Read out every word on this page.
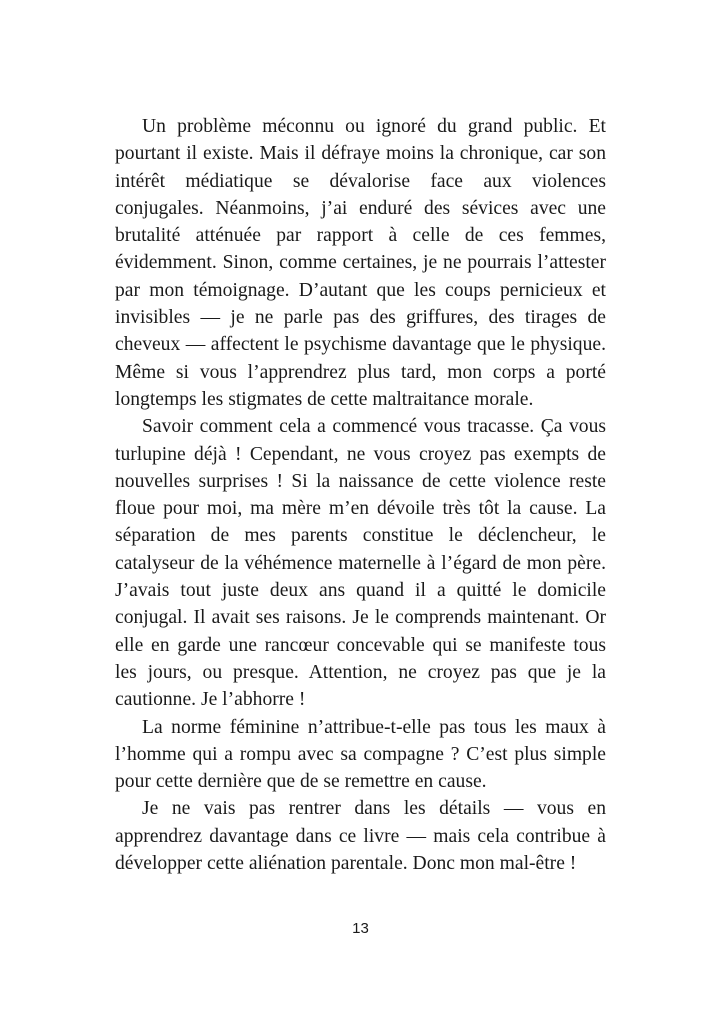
Un problème méconnu ou ignoré du grand public. Et pourtant il existe. Mais il défraye moins la chronique, car son intérêt médiatique se dévalorise face aux violences conjugales. Néanmoins, j’ai enduré des sévices avec une brutalité atténuée par rapport à celle de ces femmes, évidemment. Sinon, comme certaines, je ne pourrais l’attester par mon témoignage. D’autant que les coups pernicieux et invisibles — je ne parle pas des griffures, des tirages de cheveux — affectent le psychisme davantage que le physique. Même si vous l’apprendrez plus tard, mon corps a porté longtemps les stigmates de cette maltraitance morale.

Savoir comment cela a commencé vous tracasse. Ça vous turlupine déjà ! Cependant, ne vous croyez pas exempts de nouvelles surprises ! Si la naissance de cette violence reste floue pour moi, ma mère m’en dévoile très tôt la cause. La séparation de mes parents constitue le déclencheur, le catalyseur de la véhémence maternelle à l’égard de mon père. J’avais tout juste deux ans quand il a quitté le domicile conjugal. Il avait ses raisons. Je le comprends maintenant. Or elle en garde une rancœur concevable qui se manifeste tous les jours, ou presque. Attention, ne croyez pas que je la cautionne. Je l’abhorre !

La norme féminine n’attribue-t-elle pas tous les maux à l’homme qui a rompu avec sa compagne ? C’est plus simple pour cette dernière que de se remettre en cause.

Je ne vais pas rentrer dans les détails — vous en apprendrez davantage dans ce livre — mais cela contribue à développer cette aliénation parentale. Donc mon mal-être !

13
